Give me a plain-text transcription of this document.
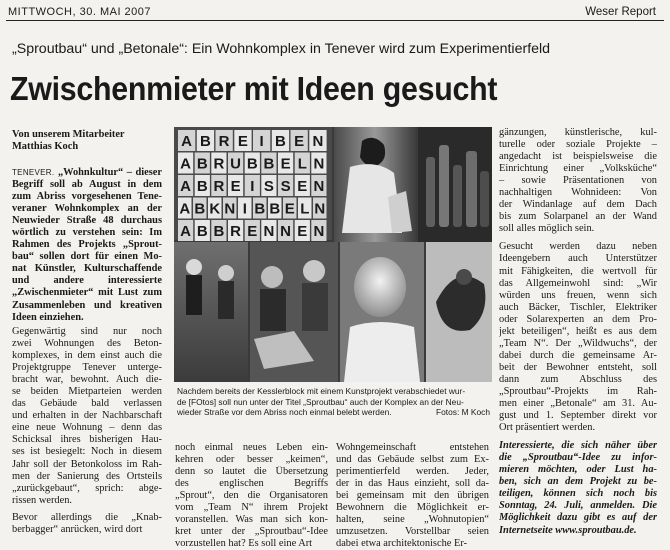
MITTWOCH, 30. MAI 2007	Weser Report
„Sproutbau“ und „Betonale“: Ein Wohnkomplex in Tenever wird zum Experimentierfeld
Zwischenmieter mit Ideen gesucht
Von unserem Mitarbeiter
Matthias Koch
TENEVER. „Wohnkultur“ – dieser
Begriff soll ab August in dem
zum Abriss vorgesehenen Tene-
veraner Wohnkomplex an der
Neuwieder Straße 48 durchaus
wörtlich zu verstehen sein: Im
Rahmen des Projekts „Sprout-
bau“ sollen dort für einen Mo-
nat Künstler, Kulturschaffende
und andere interessierte
„Zwischenmieter“ mit Lust zum
Zusammenleben und kreativen
Ideen einziehen.
Gegenwärtig sind nur noch
zwei Wohnungen des Beton-
komplexes, in dem einst auch die
Projektgruppe Tenever unterge-
bracht war, bewohnt. Auch die-
se beiden Mietparteien werden
das Gebäude bald verlassen
und erhalten in der Nachbarschaft
eine neue Wohnung – denn das
Schicksal ihres bisherigen Hau-
ses ist besiegelt: Noch in diesem
Jahr soll der Betonkoloss im Rah-
men der Sanierung des Ortsteils
„zurückgebaut“, sprich: abge-
rissen werden.
Bevor allerdings die „Knab-
berbagger“ anrücken, wird dort
A B R E I B E N
A B R U B B E L N
A B R E I S S E N
A B K N I B B E L N
A B B R E N N E N
Nachdem bereits der Kesslerblock mit einem Kunstprojekt verabschiedet wur-
de [FOtos] soll nun unter der Titel „Sproutbau“ auch der Komplex an der Neu-
wieder Straße vor dem Abriss noch einmal belebt werden.	Fotos: M Koch
noch einmal neues Leben ein-
kehren oder besser „keimen“,
denn so lautet die Übersetzung
des englischen Begriffs
„Sprout“, den die Organisatoren
vom „Team N“ ihrem Projekt
voranstellen. Was man sich kon-
kret unter der „Sproutbau“-Idee
vorzustellen hat? Es soll eine Art
Wohngemeinschaft entstehen
und das Gebäude selbst zum Ex-
perimentierfeld werden. Jeder,
der in das Haus einzieht, soll da-
bei gemeinsam mit den übrigen
Bewohnern die Möglichkeit er-
halten, seine „Wohnutopien“
umzusetzen. Vorstellbar seien
dabei etwa architektonische Er-
gänzungen, künstlerische, kul-
turelle oder soziale Projekte –
angedacht ist beispielsweise die
Einrichtung einer „Volksküche“
– sowie Präsentationen von
nachhaltigen Wohnideen: Von
der Windanlage auf dem Dach
bis zum Solarpanel an der Wand
soll alles möglich sein.
Gesucht werden dazu neben
Ideengebern auch Unterstützer
mit Fähigkeiten, die wertvoll für
das Allgemeinwohl sind: „Wir
würden uns freuen, wenn sich
auch Bäcker, Tischler, Elektriker
oder Solarexperten an dem Pro-
jekt beteiligen“, heißt es aus dem
„Team N“. Der „Wildwuchs“, der
dabei durch die gemeinsame Ar-
beit der Bewohner entsteht, soll
dann zum Abschluss des
„Sproutbau“-Projekts im Rah-
men einer „Betonale“ am 31. Au-
gust und 1. September direkt vor
Ort präsentiert werden.
Interessierte, die sich näher über
die „Sproutbau“-Idee zu infor-
mieren möchten, oder Lust ha-
ben, sich an dem Projekt zu be-
teiligen, können sich noch bis
Sonntag, 24. Juli, anmelden. Die
Möglichkeit dazu gibt es auf der
Internetseite www.sproutbau.de.
